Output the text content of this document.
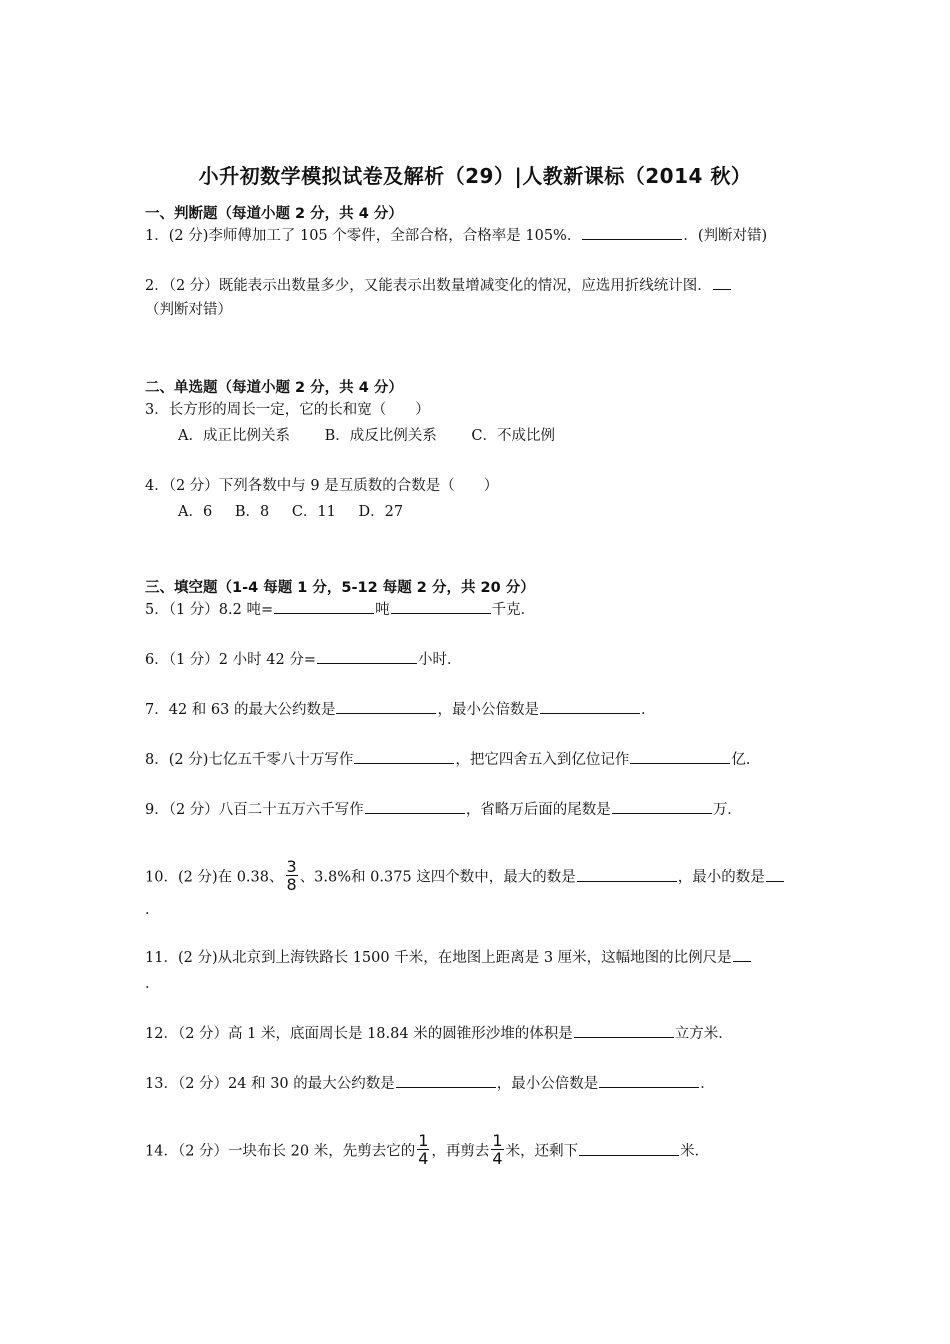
小升初数学模拟试卷及解析（29）|人教新课标（2014 秋）
一、判断题（每道小题 2 分，共 4 分）
1．(2 分)李师傅加工了 105 个零件，全部合格，合格率是 105%．	．(判断对错)
2．（2 分）既能表示出数量多少，又能表示出数量增减变化的情况，应选用折线统计图．
（判断对错）
二、单选题（每道小题 2 分，共 4 分）
3．长方形的周长一定，它的长和宽（　　）
A．成正比例关系 B．成反比例关系 C．不成比例
4．（2 分）下列各数中与 9 是互质数的合数是（　　）
A．6 B．8 C．11 D．27
三、填空题（1-4 每题 1 分，5-12 每题 2 分，共 20 分）
5．（1 分）8.2 吨=	吨	千克．
6．（1 分）2 小时 42 分=	小时．
7．42 和 63 的最大公约数是	，最小公倍数是	．
8．(2 分)七亿五千零八十万写作	，把它四舍五入到亿位记作	亿．
9．（2 分）八百二十五万六千写作	，省略万后面的尾数是	万．
10．(2 分)在 0.38、 $\frac{3}{8}$ 、3.8%和 0.375 这四个数中，最大的数是	，最小的数是
．
11．(2 分)从北京到上海铁路长 1500 千米，在地图上距离是 3 厘米，这幅地图的比例尺是
．
12．（2 分）高 1 米，底面周长是 18.84 米的圆锥形沙堆的体积是	立方米．
13．（2 分）24 和 30 的最大公约数是	，最小公倍数是	．
14．（2 分）一块布长 20 米，先剪去它的 $\frac{1}{4}$ ，再剪去 $\frac{1}{4}$ 米，还剩下	米．
